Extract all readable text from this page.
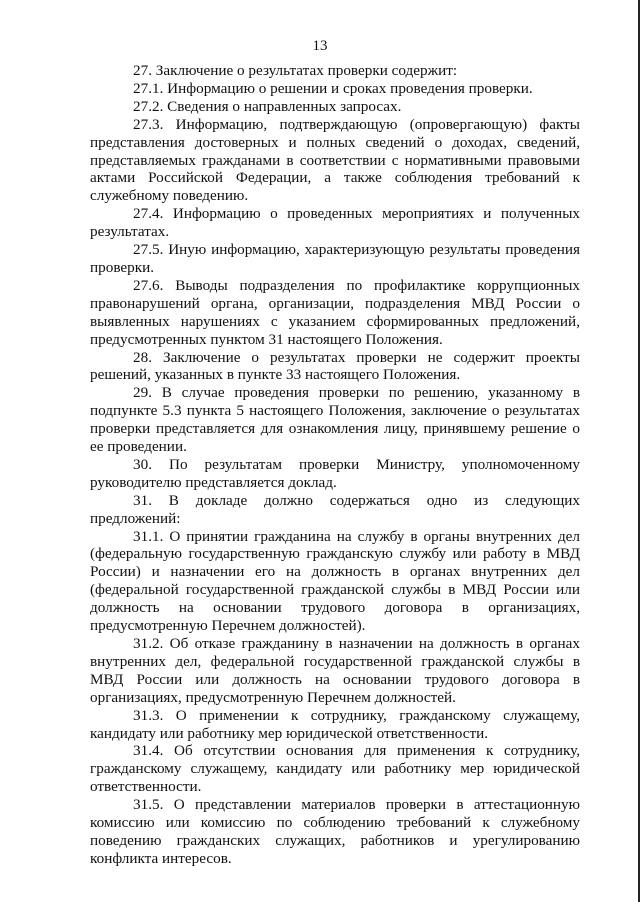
13

27. Заключение о результатах проверки содержит:

27.1. Информацию о решении и сроках проведения проверки.

27.2. Сведения о направленных запросах.

27.3. Информацию, подтверждающую (опровергающую) факты представления достоверных и полных сведений о доходах, сведений, представляемых гражданами в соответствии с нормативными правовыми актами Российской Федерации, а также соблюдения требований к служебному поведению.

27.4. Информацию о проведенных мероприятиях и полученных результатах.

27.5. Иную информацию, характеризующую результаты проведения проверки.

27.6. Выводы подразделения по профилактике коррупционных правонарушений органа, организации, подразделения МВД России о выявленных нарушениях с указанием сформированных предложений, предусмотренных пунктом 31 настоящего Положения.

28. Заключение о результатах проверки не содержит проекты решений, указанных в пункте 33 настоящего Положения.

29. В случае проведения проверки по решению, указанному в подпункте 5.3 пункта 5 настоящего Положения, заключение о результатах проверки представляется для ознакомления лицу, принявшему решение о ее проведении.

30. По результатам проверки Министру, уполномоченному руководителю представляется доклад.

31. В докладе должно содержаться одно из следующих предложений:

31.1. О принятии гражданина на службу в органы внутренних дел (федеральную государственную гражданскую службу или работу в МВД России) и назначении его на должность в органах внутренних дел (федеральной государственной гражданской службы в МВД России или должность на основании трудового договора в организациях, предусмотренную Перечнем должностей).

31.2. Об отказе гражданину в назначении на должность в органах внутренних дел, федеральной государственной гражданской службы в МВД России или должность на основании трудового договора в организациях, предусмотренную Перечнем должностей.

31.3. О применении к сотруднику, гражданскому служащему, кандидату или работнику мер юридической ответственности.

31.4. Об отсутствии основания для применения к сотруднику, гражданскому служащему, кандидату или работнику мер юридической ответственности.

31.5. О представлении материалов проверки в аттестационную комиссию или комиссию по соблюдению требований к служебному поведению гражданских служащих, работников и урегулированию конфликта интересов.
